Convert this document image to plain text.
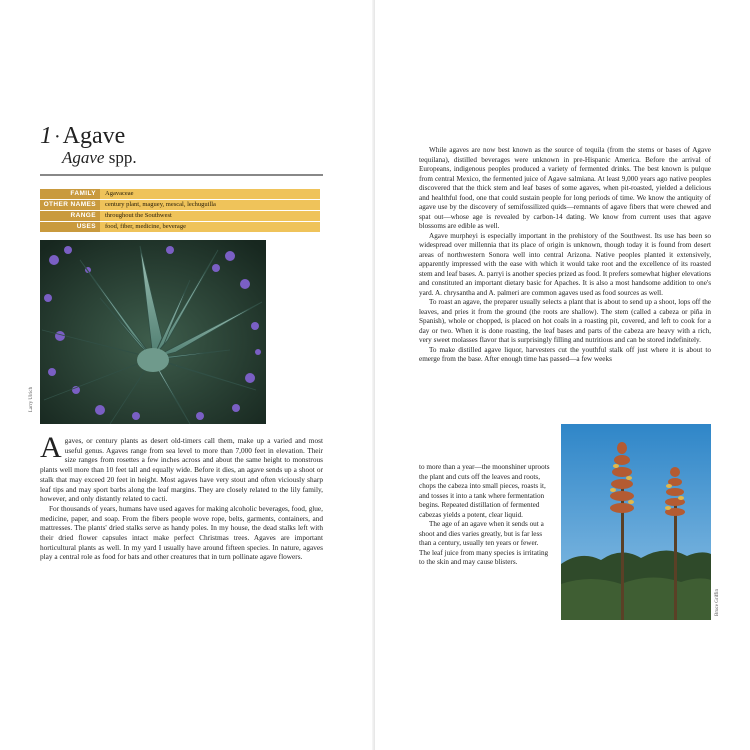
1 ·Agave
Agave spp.
FAMILY	Agavaceae
OTHER NAMES	century plant, maguey, mescal, lechuguilla
RANGE	throughout the Southwest
USES	food, fiber, medicine, beverage
Larry Ulrich

Agaves, or century plants as desert old-timers call them, make up a varied and most useful genus. Agaves range from sea level to more than 7,000 feet in elevation. Their size ranges from rosettes a few inches across and about the same height to monstrous plants well more than 10 feet tall and equally wide. Before it dies, an agave sends up a shoot or stalk that may exceed 20 feet in height. Most agaves have very stout and often viciously sharp leaf tips and may sport barbs along the leaf margins. They are closely related to the lily family, however, and only distantly related to cacti.

For thousands of years, humans have used agaves for making alcoholic beverages, food, glue, medicine, paper, and soap. From the fibers people wove rope, belts, garments, containers, and mattresses. The plants' dried stalks serve as handy poles. In my house, the dead stalks left with their dried flower capsules intact make perfect Christmas trees. Agaves are important horticultural plants as well. In my yard I usually have around fifteen species. In nature, agaves play a central role as food for bats and other creatures that in turn pollinate agave flowers.

While agaves are now best known as the source of tequila (from the stems or bases of Agave tequilana), distilled beverages were unknown in pre-Hispanic America. Before the arrival of Europeans, indigenous peoples produced a variety of fermented drinks. The best known is pulque from central Mexico, the fermented juice of Agave salmiana. At least 9,000 years ago native peoples discovered that the thick stem and leaf bases of some agaves, when pit-roasted, yielded a delicious and healthful food, one that could sustain people for long periods of time. We know the antiquity of agave use by the discovery of semifossilized quids—remnants of agave fibers that were chewed and spat out—whose age is revealed by carbon-14 dating. We know from current uses that agave blossoms are edible as well.

Agave murpheyi is especially important in the prehistory of the Southwest. Its use has been so widespread over millennia that its place of origin is unknown, though today it is found from desert areas of northwestern Sonora well into central Arizona. Native peoples planted it extensively, apparently impressed with the ease with which it would take root and the excellence of its roasted stem and leaf bases. A. parryi is another species prized as food. It prefers somewhat higher elevations and constituted an important dietary basic for Apaches. It is also a most handsome addition to one's yard. A. chrysantha and A. palmeri are common agaves used as food sources as well.

To roast an agave, the preparer usually selects a plant that is about to send up a shoot, lops off the leaves, and pries it from the ground (the roots are shallow). The stem (called a cabeza or piña in Spanish), whole or chopped, is placed on hot coals in a roasting pit, covered, and left to cook for a day or two. When it is done roasting, the leaf bases and parts of the cabeza are heavy with a rich, very sweet molasses flavor that is surprisingly filling and nutritious and can be stored indefinitely.

To make distilled agave liquor, harvesters cut the youthful stalk off just where it is about to emerge from the base. After enough time has passed—a few weeks

to more than a year—the moonshiner uproots the plant and cuts off the leaves and roots, chops the cabeza into small pieces, roasts it, and tosses it into a tank where fermentation begins. Repeated distillation of fermented cabezas yields a potent, clear liquid.

The age of an agave when it sends out a shoot and dies varies greatly, but is far less than a century, usually ten years or fewer. The leaf juice from many species is irritating to the skin and may cause blisters.

Bruce Griffin
